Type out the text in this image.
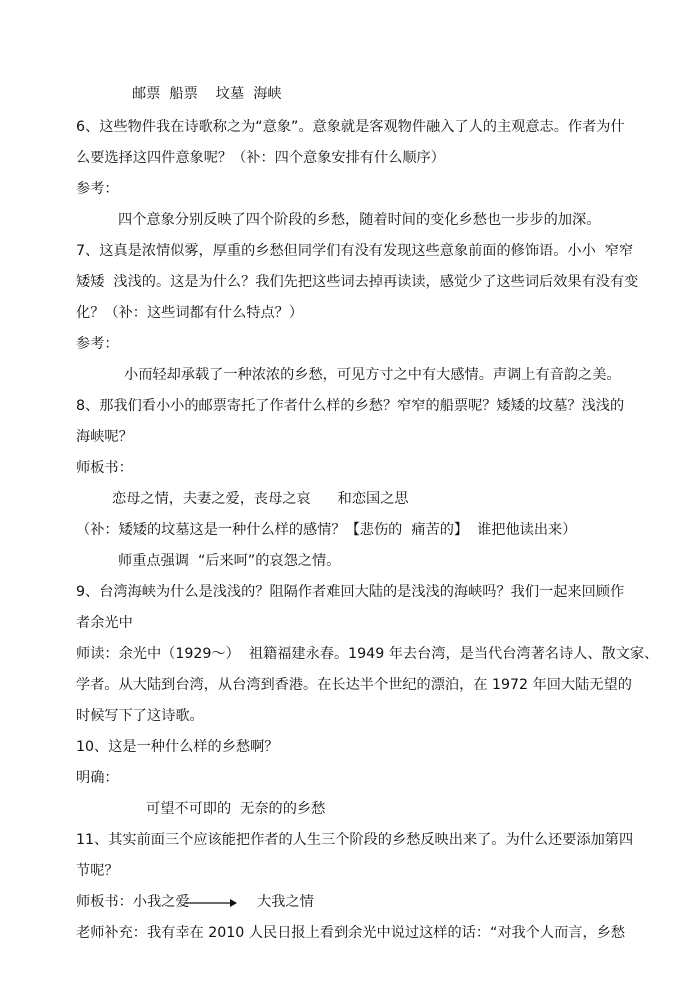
邮票  船票    坟墓  海峡
6、这些物件我在诗歌称之为“意象”。意象就是客观物件融入了人的主观意志。作者为什
么要选择这四件意象呢？（补：四个意象安排有什么顺序）
参考：
四个意象分别反映了四个阶段的乡愁，随着时间的变化乡愁也一步步的加深。
7、这真是浓情似雾，厚重的乡愁但同学们有没有发现这些意象前面的修饰语。小小  窄窄
矮矮  浅浅的。这是为什么？我们先把这些词去掉再读读，感觉少了这些词后效果有没有变
化？（补：这些词都有什么特点？）
参考：
小而轻却承载了一种浓浓的乡愁，可见方寸之中有大感情。声调上有音韵之美。
8、那我们看小小的邮票寄托了作者什么样的乡愁？窄窄的船票呢？矮矮的坟墓？浅浅的
海峡呢？
师板书：
恋母之情，夫妻之爱，丧母之哀      和恋国之思
（补：矮矮的坟墓这是一种什么样的感情？【悲伤的  痛苦的】  谁把他读出来）
师重点强调  “后来呵”的哀怨之情。
9、台湾海峡为什么是浅浅的？阻隔作者难回大陆的是浅浅的海峡吗？我们一起来回顾作
者余光中
师读：余光中（1929～）  祖籍福建永春。1949 年去台湾，是当代台湾著名诗人、散文家、
学者。从大陆到台湾，从台湾到香港。在长达半个世纪的漂泊，在 1972 年回大陆无望的
时候写下了这诗歌。
10、这是一种什么样的乡愁啊？
明确：
可望不可即的  无奈的的乡愁
11、其实前面三个应该能把作者的人生三个阶段的乡愁反映出来了。为什么还要添加第四
节呢？
师板书：小我之爱	大我之情
老师补充：我有幸在 2010 人民日报上看到余光中说过这样的话：“对我个人而言，乡愁
